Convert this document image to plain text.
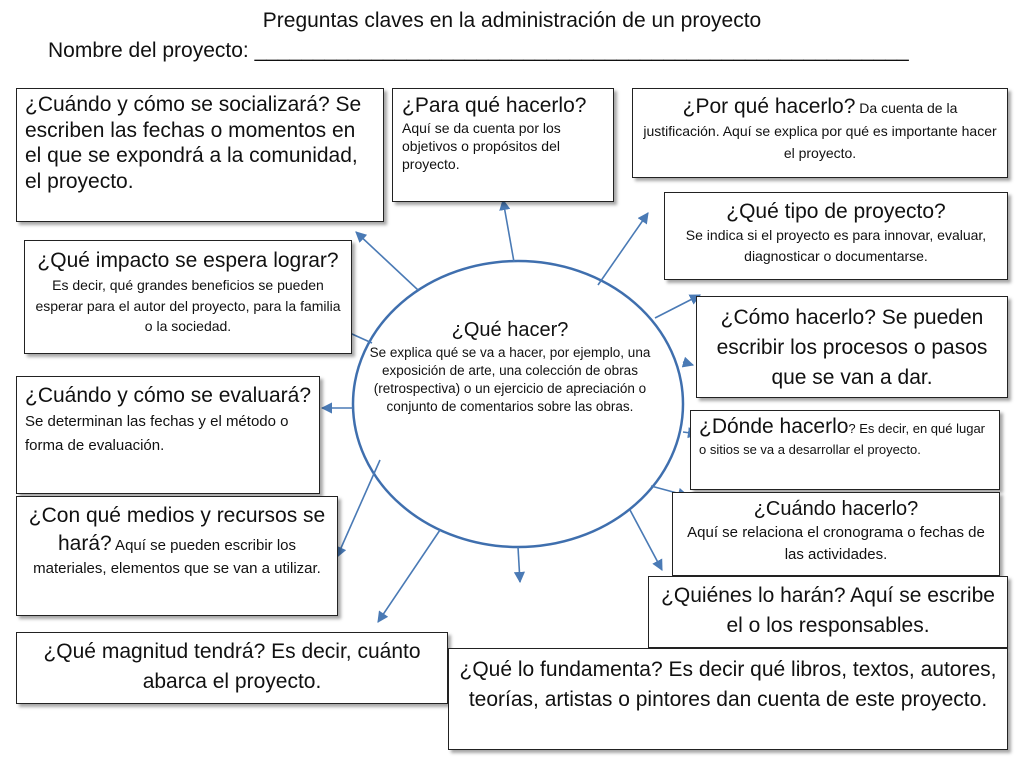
Preguntas claves en la administración de un proyecto
Nombre del proyecto: ________________________________________________________
¿Qué hacer?
Se explica qué se va a hacer, por ejemplo, una exposición de arte, una colección de obras (retrospectiva) o un ejercicio de apreciación o conjunto de comentarios sobre las obras.
¿Cuándo y cómo se socializará? Se escriben las fechas o momentos en el que se expondrá a la comunidad, el proyecto.
¿Para qué hacerlo?
Aquí se da cuenta por los objetivos o propósitos del proyecto.
¿Por qué hacerlo? Da cuenta de la justificación. Aquí se explica por qué es importante hacer el proyecto.
¿Qué tipo de proyecto?
Se indica si el proyecto es para innovar, evaluar, diagnosticar o documentarse.
¿Qué impacto se espera lograr? Es decir, qué grandes beneficios se pueden esperar para el autor del proyecto, para la familia o la sociedad.	¿Cómo hacerlo? Se pueden escribir los procesos o pasos que se van a dar.
¿Cuándo y cómo se evaluará? Se determinan las fechas y el método o forma de evaluación.
¿Dónde hacerlo? Es decir, en qué lugar o sitios se va a desarrollar el proyecto.
¿Cuándo hacerlo?
Aquí se relaciona el cronograma o fechas de las actividades.
¿Con qué medios y recursos se hará? Aquí se pueden escribir los materiales, elementos que se van a utilizar.
¿Quiénes lo harán? Aquí se escribe el o los responsables.
¿Qué magnitud tendrá? Es decir, cuánto abarca el proyecto.
¿Qué lo fundamenta? Es decir qué libros, textos, autores, teorías, artistas o pintores dan cuenta de este proyecto.
